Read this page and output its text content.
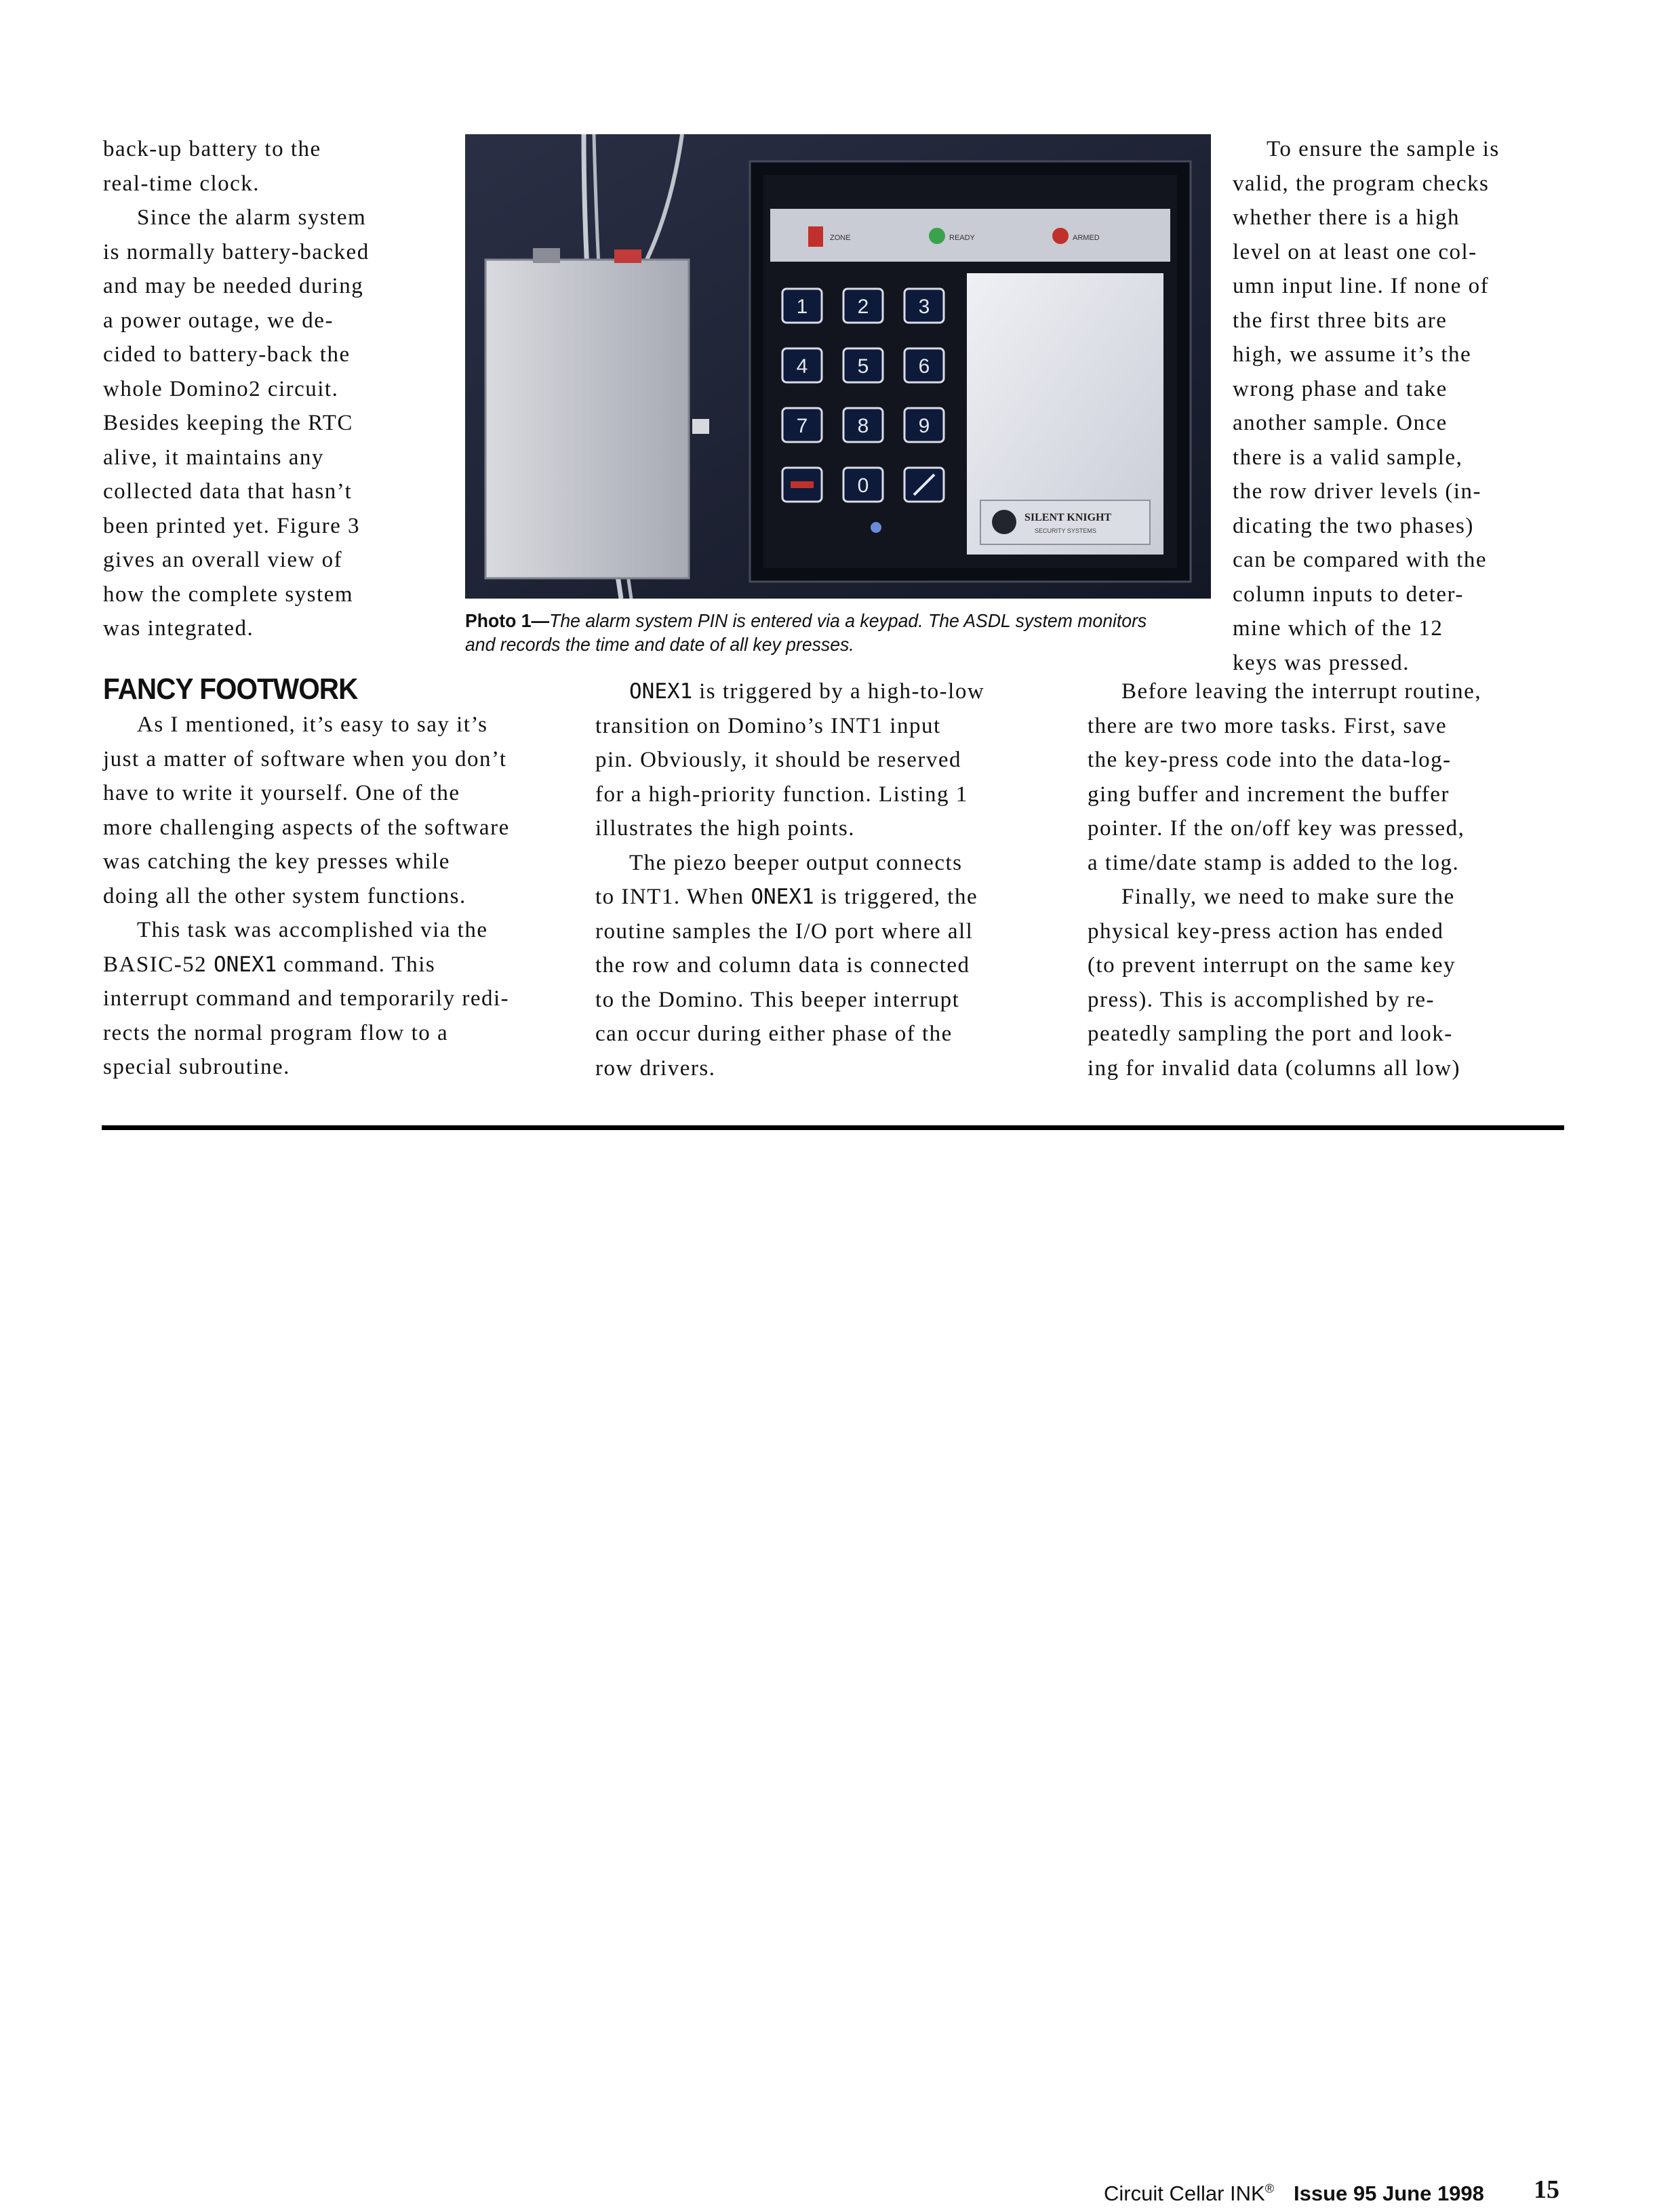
back-up battery to the

real-time clock.

Since the alarm system

is normally battery-backed

and may be needed during

a power outage, we de-

cided to battery-back the

whole Domino2 circuit.

Besides keeping the RTC

alive, it maintains any

collected data that hasn’t

been printed yet. Figure 3

gives an overall view of

how the complete system

was integrated.

ZONE	READY	ARMED
1 2 3
4 5 6
7 8 9
0
SILENT KNIGHT
SECURITY SYSTEMS
Photo 1—The alarm system PIN is entered via a keypad. The ASDL system monitors and records the time and date of all key presses.

To ensure the sample is

valid, the program checks

whether there is a high

level on at least one col-

umn input line. If none of

the first three bits are

high, we assume it’s the

wrong phase and take

another sample. Once

there is a valid sample,

the row driver levels (in-

dicating the two phases)

can be compared with the

column inputs to deter-

mine which of the 12

keys was pressed.

FANCY FOOTWORK

As I mentioned, it’s easy to say it’s

just a matter of software when you don’t

have to write it yourself. One of the

more challenging aspects of the software

was catching the key presses while

doing all the other system functions.

This task was accomplished via the

BASIC-52 ONEX1 command. This

interrupt command and temporarily redi-

rects the normal program flow to a

special subroutine.

ONEX1 is triggered by a high-to-low

transition on Domino’s INT1 input

pin. Obviously, it should be reserved

for a high-priority function. Listing 1

illustrates the high points.

The piezo beeper output connects

to INT1. When ONEX1 is triggered, the

routine samples the I/O port where all

the row and column data is connected

to the Domino. This beeper interrupt

can occur during either phase of the

row drivers.

Before leaving the interrupt routine,

there are two more tasks. First, save

the key-press code into the data-log-

ging buffer and increment the buffer

pointer. If the on/off key was pressed,

a time/date stamp is added to the log.

Finally, we need to make sure the

physical key-press action has ended

(to prevent interrupt on the same key

press). This is accomplished by re-

peatedly sampling the port and look-

ing for invalid data (columns all low)

Circuit Cellar INK® Issue 95 June 1998 15
